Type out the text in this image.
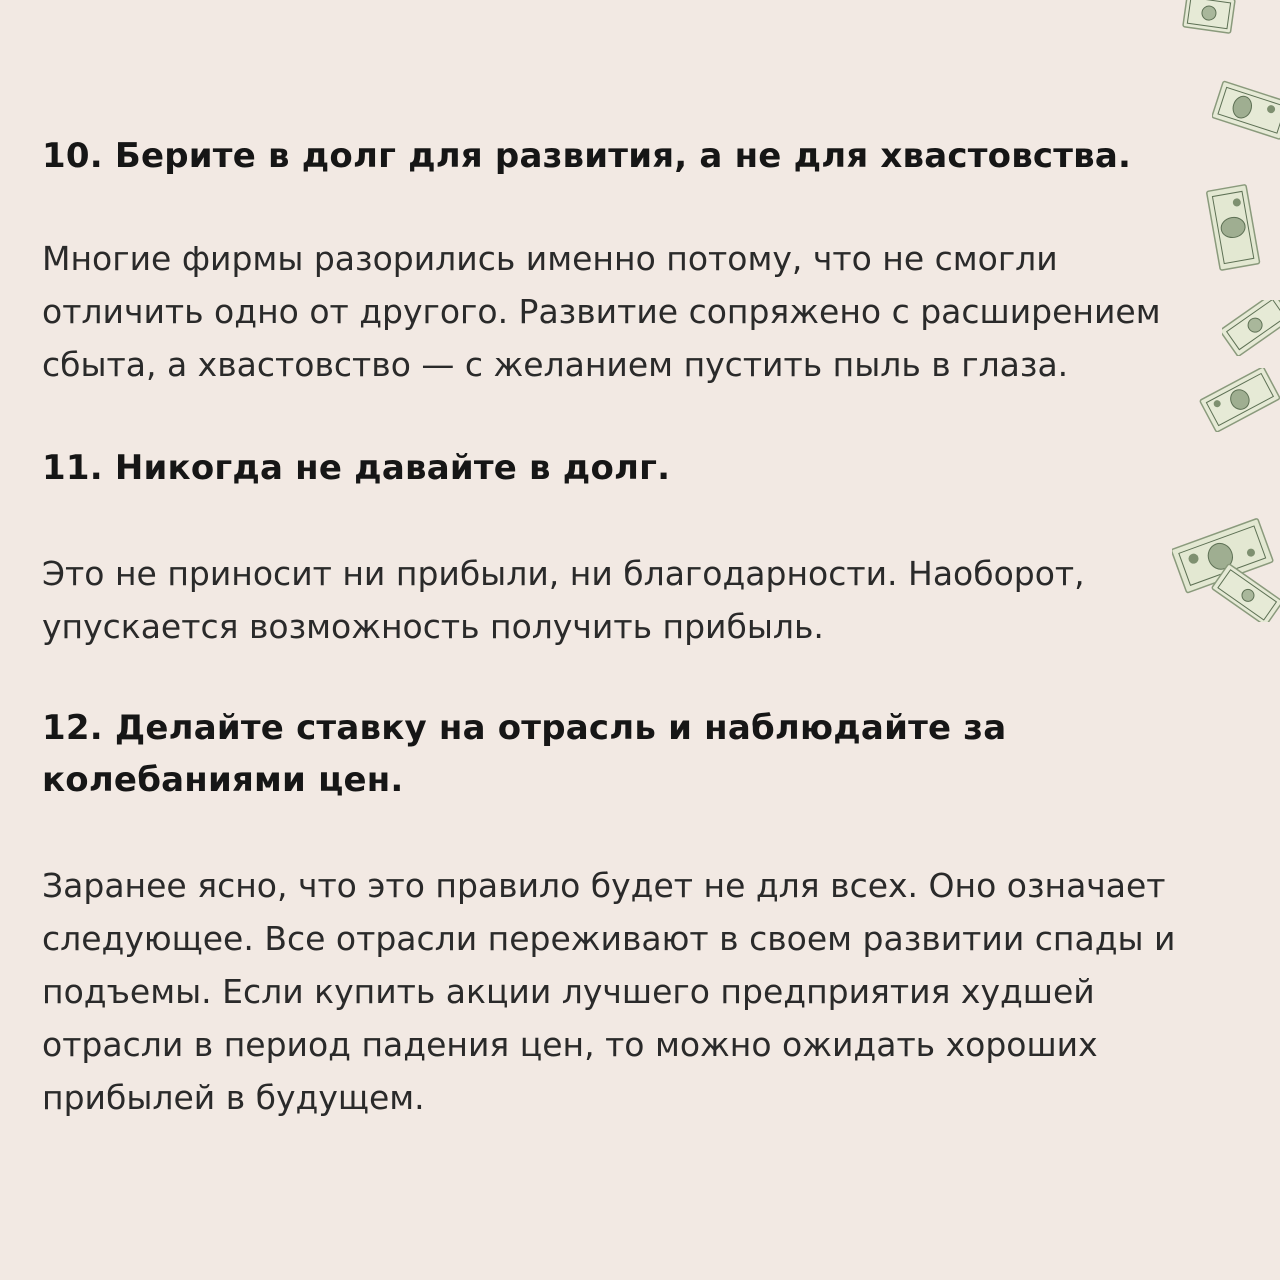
10. Берите в долг для развития, а не для хвастовства.

Многие фирмы разорились именно потому, что не смогли отличить одно от другого. Развитие сопряжено с расширением сбыта, а хвастовство — с желанием пустить пыль в глаза.

11. Никогда не давайте в долг.

Это не приносит ни прибыли, ни благодарности. Наоборот, упускается возможность получить прибыль.

12. Делайте ставку на отрасль и наблюдайте за колебаниями цен.

Заранее ясно, что это правило будет не для всех. Оно означает следующее. Все отрасли переживают в своем развитии спады и подъемы. Если купить акции лучшего предприятия худшей отрасли в период падения цен, то можно ожидать хороших прибылей в будущем.
